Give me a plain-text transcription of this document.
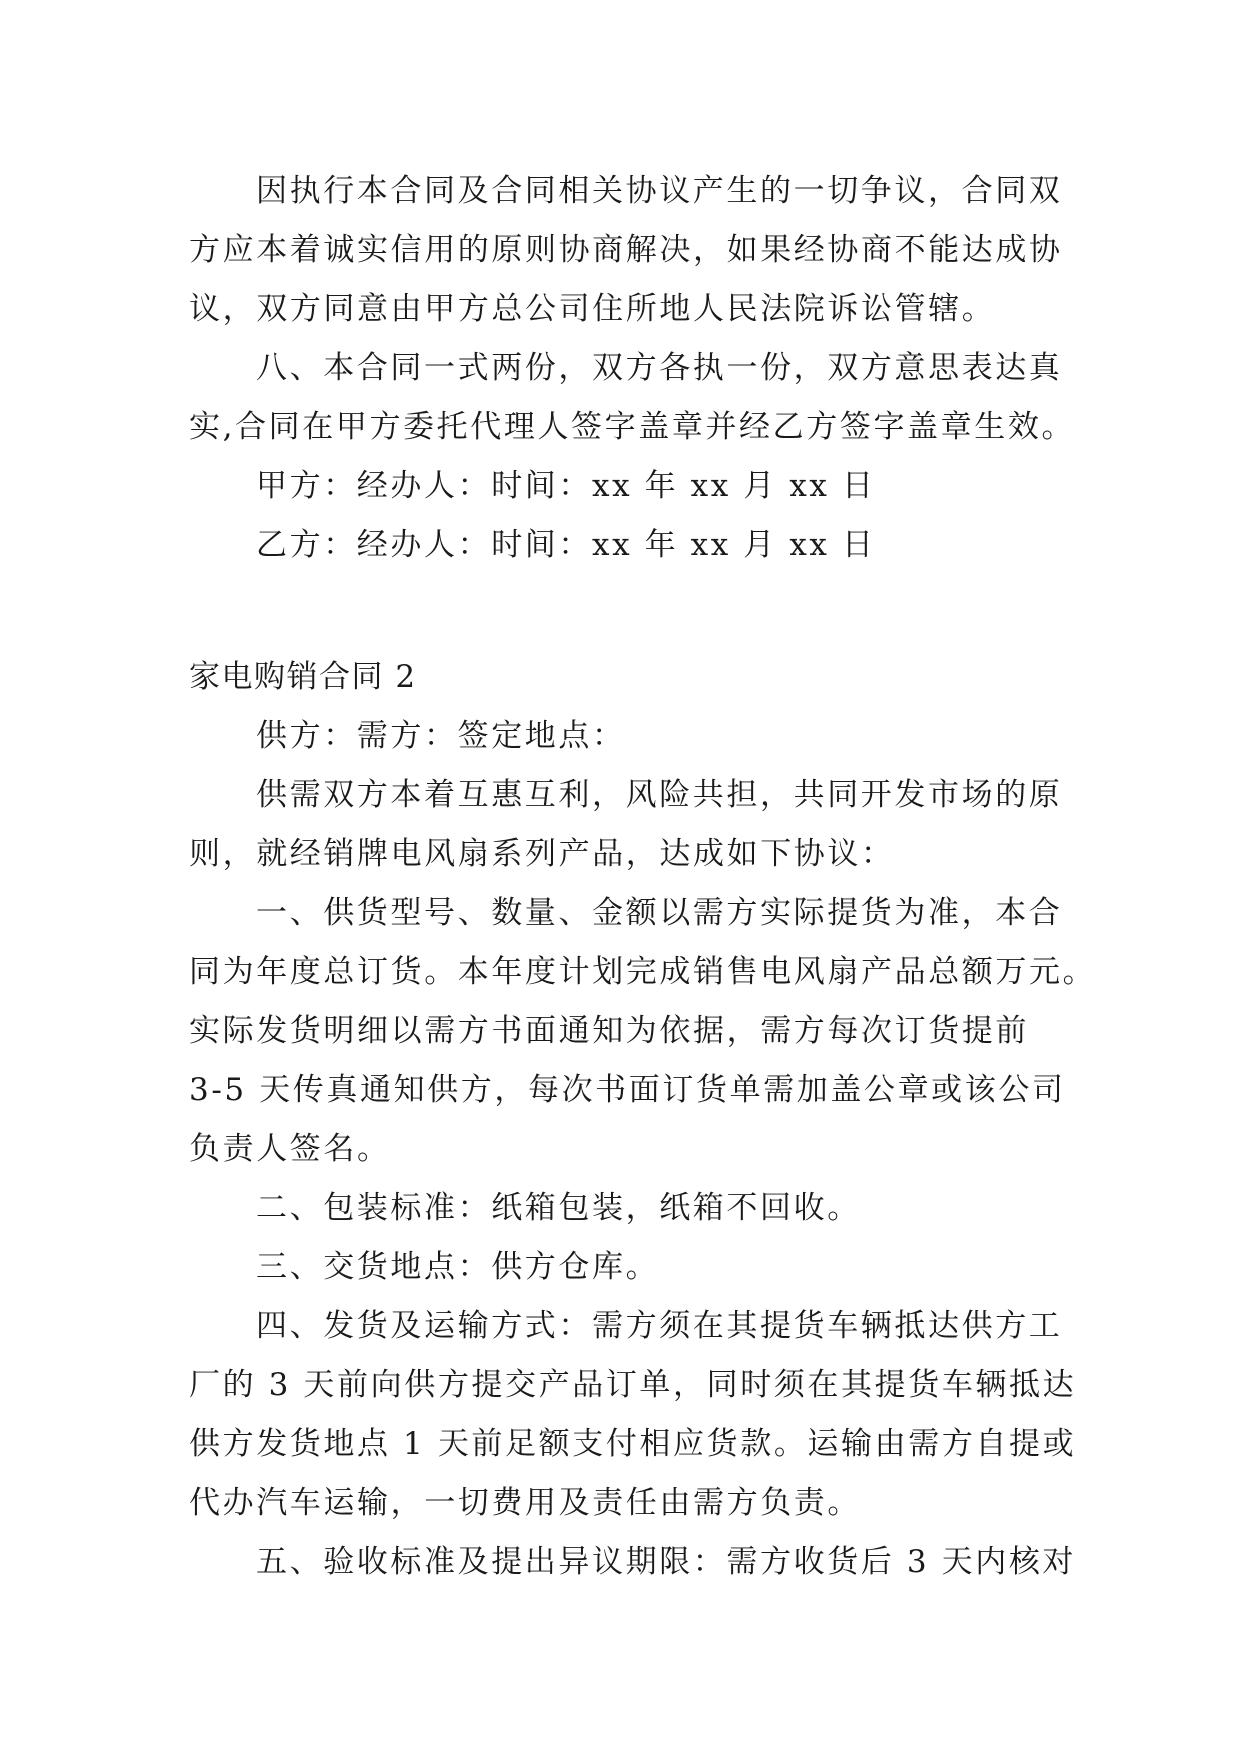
因执行本合同及合同相关协议产生的一切争议，合同双
方应本着诚实信用的原则协商解决，如果经协商不能达成协
议，双方同意由甲方总公司住所地人民法院诉讼管辖。
八、本合同一式两份，双方各执一份，双方意思表达真
实,合同在甲方委托代理人签字盖章并经乙方签字盖章生效。
甲方：经办人：时间：xx 年 xx 月 xx 日
乙方：经办人：时间：xx 年 xx 月 xx 日
家电购销合同 2
供方：需方：签定地点：
供需双方本着互惠互利，风险共担，共同开发市场的原
则，就经销牌电风扇系列产品，达成如下协议：
一、供货型号、数量、金额以需方实际提货为准，本合
同为年度总订货。本年度计划完成销售电风扇产品总额万元。
实际发货明细以需方书面通知为依据，需方每次订货提前
3-5 天传真通知供方，每次书面订货单需加盖公章或该公司
负责人签名。
二、包装标准：纸箱包装，纸箱不回收。
三、交货地点：供方仓库。
四、发货及运输方式：需方须在其提货车辆抵达供方工
厂的 3 天前向供方提交产品订单，同时须在其提货车辆抵达
供方发货地点 1 天前足额支付相应货款。运输由需方自提或
代办汽车运输，一切费用及责任由需方负责。
五、验收标准及提出异议期限：需方收货后 3 天内核对
